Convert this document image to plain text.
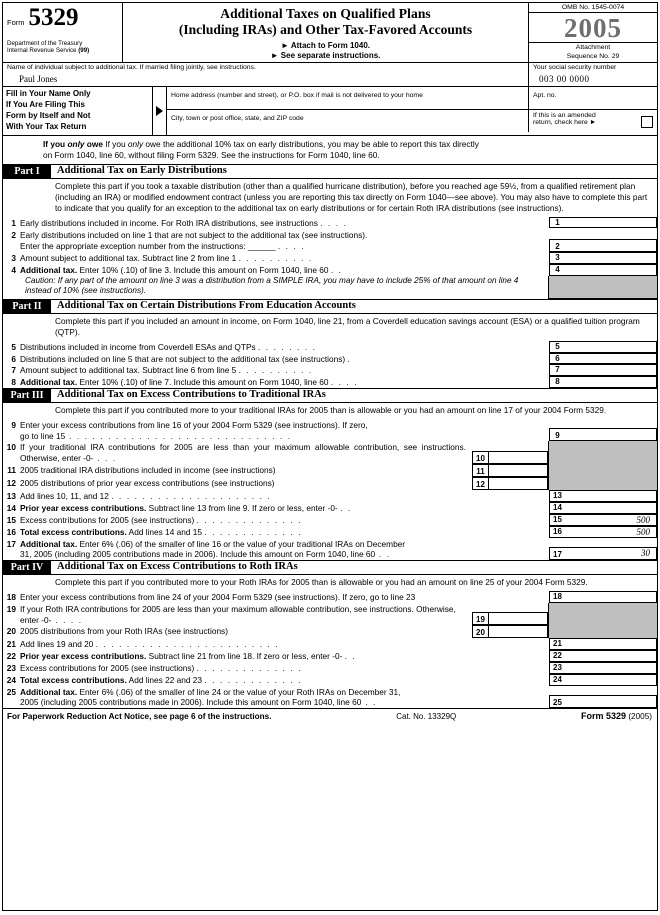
Form 5329
Department of the Treasury
Internal Revenue Service (99)
Additional Taxes on Qualified Plans
(Including IRAs) and Other Tax-Favored Accounts
► Attach to Form 1040.
► See separate instructions.
OMB No. 1545-0074
2005
Attachment
Sequence No. 29
Name of individual subject to additional tax. If married filing jointly, see instructions.
Paul Jones
Your social security number
003 00 0000
Fill in Your Name Only
If You Are Filing This
Form by Itself and Not
With Your Tax Return
Home address (number and street), or P.O. box if mail is not delivered to your home	Apt. no.
City, town or post office, state, and ZIP code	If this is an amended
return, check here ►
If you only owe If you only owe the additional 10% tax on early distributions, you may be able to report this tax directly
on Form 1040, line 60, without filing Form 5329. See the instructions for Form 1040, line 60.
Part I	Additional Tax on Early Distributions
Complete this part if you took a taxable distribution (other than a qualified hurricane distribution), before you reached age 59½, from a qualified retirement plan (including an IRA) or modified endowment contract (unless you are reporting this tax directly on Form 1040—see above). You may also have to complete this part to indicate that you qualify for an exception to the additional tax on early distributions or for certain Roth IRA distributions (see instructions).
1 Early distributions included in income. For Roth IRA distributions, see instructions . . . .	1
2 Early distributions included on line 1 that are not subject to the additional tax (see instructions).
Enter the appropriate exception number from the instructions: ______ . . . .	2
3 Amount subject to additional tax. Subtract line 2 from line 1 . . . . . . . . . .	3
4 Additional tax. Enter 10% (.10) of line 3. Include this amount on Form 1040, line 60 . .	4
Caution: If any part of the amount on line 3 was a distribution from a SIMPLE IRA, you may have to include 25% of that amount on line 4 instead of 10% (see instructions).
Part II	Additional Tax on Certain Distributions From Education Accounts
Complete this part if you included an amount in income, on Form 1040, line 21, from a Coverdell education savings account (ESA) or a qualified tuition program (QTP).
5 Distributions included in income from Coverdell ESAs and QTPs . . . . . . . .	5
6 Distributions included on line 5 that are not subject to the additional tax (see instructions) .	6
7 Amount subject to additional tax. Subtract line 6 from line 5 . . . . . . . . . .	7
8 Additional tax. Enter 10% (.10) of line 7. Include this amount on Form 1040, line 60 . . . .	8
Part III	Additional Tax on Excess Contributions to Traditional IRAs
Complete this part if you contributed more to your traditional IRAs for 2005 than is allowable or you had an amount on line 17 of your 2004 Form 5329.
9 Enter your excess contributions from line 16 of your 2004 Form 5329 (see instructions). If zero,
go to line 15 . . . . . . . . . . . . . . . . . . . . . . . . . . . . .	9
10 If your traditional IRA contributions for 2005 are less than your maximum allowable contribution, see instructions. Otherwise, enter -0- . . .	10
11 2005 traditional IRA distributions included in income (see instructions)	11
12 2005 distributions of prior year excess contributions (see instructions)	12
13 Add lines 10, 11, and 12 . . . . . . . . . . . . . . . . . . . . .	13
14 Prior year excess contributions. Subtract line 13 from line 9. If zero or less, enter -0- . .	14
15 Excess contributions for 2005 (see instructions) . . . . . . . . . . . . . .	15	500
16 Total excess contributions. Add lines 14 and 15 . . . . . . . . . . . . .	16	500
17 Additional tax. Enter 6% (.06) of the smaller of line 16 or the value of your traditional IRAs on December
31, 2005 (including 2005 contributions made in 2006). Include this amount on Form 1040, line 60 . .	17	30
Part IV	Additional Tax on Excess Contributions to Roth IRAs
Complete this part if you contributed more to your Roth IRAs for 2005 than is allowable or you had an amount on line 25 of your 2004 Form 5329.
18 Enter your excess contributions from line 24 of your 2004 Form 5329 (see instructions). If zero, go to line 23	18
19 If your Roth IRA contributions for 2005 are less than your maximum allowable contribution, see instructions. Otherwise, enter -0- . . . .	19
20 2005 distributions from your Roth IRAs (see instructions)	20
21 Add lines 19 and 20 . . . . . . . . . . . . . . . . . . . . . . . .	21
22 Prior year excess contributions. Subtract line 21 from line 18. If zero or less, enter -0- . .	22
23 Excess contributions for 2005 (see instructions) . . . . . . . . . . . . . .	23
24 Total excess contributions. Add lines 22 and 23 . . . . . . . . . . . . .	24
25 Additional tax. Enter 6% (.06) of the smaller of line 24 or the value of your Roth IRAs on December 31,
2005 (including 2005 contributions made in 2006). Include this amount on Form 1040, line 60 . .	25
For Paperwork Reduction Act Notice, see page 6 of the instructions.	Cat. No. 13329Q	Form 5329 (2005)
